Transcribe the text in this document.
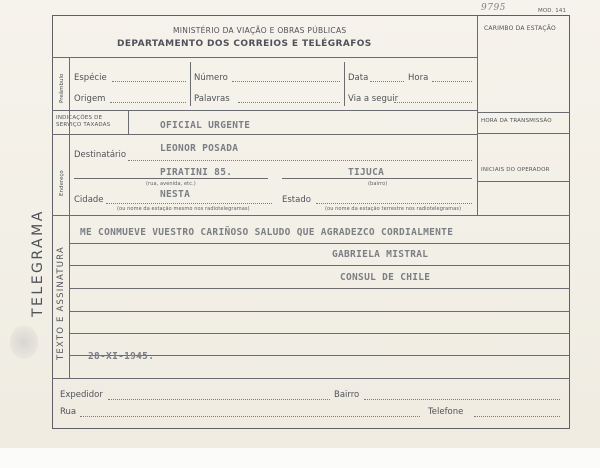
9795	MOD. 141
MINISTÉRIO DA VIAÇÃO E OBRAS PÚBLICAS
DEPARTAMENTO DOS CORREIOS E TELÉGRAFOS
CARIMBO DA ESTAÇÃO
HORA DA TRANSMISSÃO
INICIAIS DO OPERADOR
Preâmbulo Espécie	Número	Data	Hora
Origem	Palavras	Via a seguir
INDICAÇÕES DE
SERVIÇO TAXADAS	OFICIAL URGENTE
Endereço
Destinatário
LEONOR POSADA
PIRATINI 85.	TIJUCA
(rua, avenida, etc.)	(bairro)
Cidade	NESTA	Estado
(ou nome da estação mesmo nos radiotelegramas)	(ou nome da estação terrestre nos radiotelegramas)
TEXTO E ASSINATURA
TELEGRAMA	ME CONMUEVE VUESTRO CARIÑOSO SALUDO QUE AGRADEZCO CORDIALMENTE
GABRIELA MISTRAL
CONSUL DE CHILE
28-XI-1945.
Expedidor	Bairro
Rua	Telefone
